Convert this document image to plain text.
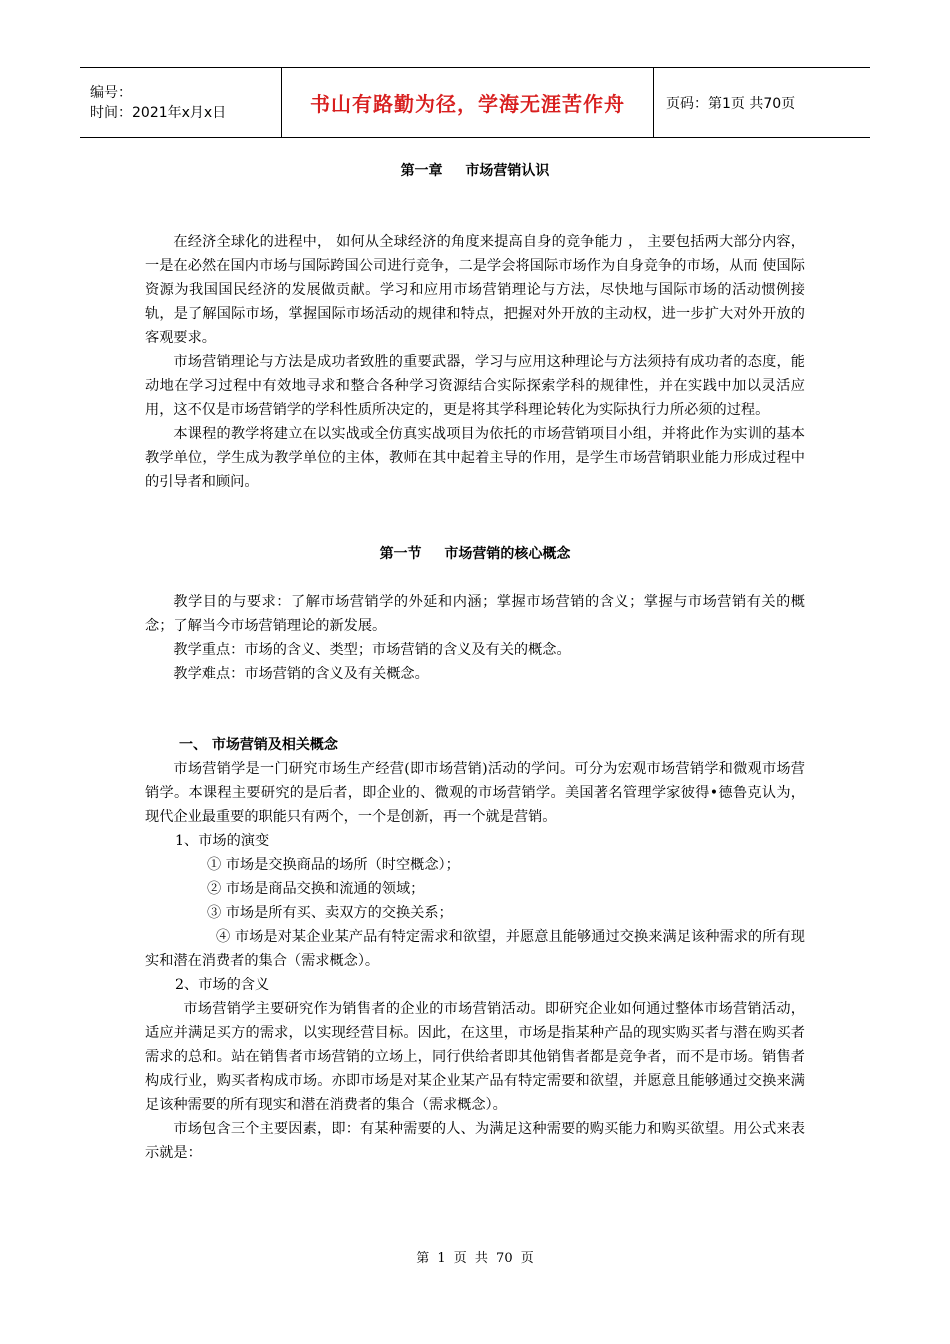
编号：
时间：2021年x月x日	书山有路勤为径，学海无涯苦作舟	页码：第1页 共70页
第一章 市场营销认识

在经济全球化的进程中， 如何从全球经济的角度来提高自身的竞争能力 ， 主要包括两大部分内容，一是在必然在国内市场与国际跨国公司进行竞争，二是学会将国际市场作为自身竞争的市场，从而 使国际资源为我国国民经济的发展做贡献。学习和应用市场营销理论与方法，尽快地与国际市场的活动惯例接轨，是了解国际市场，掌握国际市场活动的规律和特点，把握对外开放的主动权，进一步扩大对外开放的客观要求。

市场营销理论与方法是成功者致胜的重要武器，学习与应用这种理论与方法须持有成功者的态度，能动地在学习过程中有效地寻求和整合各种学习资源结合实际探索学科的规律性，并在实践中加以灵活应用，这不仅是市场营销学的学科性质所决定的，更是将其学科理论转化为实际执行力所必须的过程。

本课程的教学将建立在以实战或全仿真实战项目为依托的市场营销项目小组，并将此作为实训的基本教学单位，学生成为教学单位的主体，教师在其中起着主导的作用，是学生市场营销职业能力形成过程中的引导者和顾问。

第一节 市场营销的核心概念

教学目的与要求：了解市场营销学的外延和内涵；掌握市场营销的含义；掌握与市场营销有关的概念；了解当今市场营销理论的新发展。

教学重点：市场的含义、类型；市场营销的含义及有关的概念。

教学难点：市场营销的含义及有关概念。

一、 市场营销及相关概念

市场营销学是一门研究市场生产经营(即市场营销)活动的学问。可分为宏观市场营销学和微观市场营销学。本课程主要研究的是后者，即企业的、微观的市场营销学。美国著名管理学家彼得•德鲁克认为，现代企业最重要的职能只有两个，一个是创新，再一个就是营销。

1、市场的演变

① 市场是交换商品的场所（时空概念）；

② 市场是商品交换和流通的领域；

③ 市场是所有买、卖双方的交换关系；

④ 市场是对某企业某产品有特定需求和欲望，并愿意且能够通过交换来满足该种需求的所有现实和潜在消费者的集合（需求概念）。

2、市场的含义

市场营销学主要研究作为销售者的企业的市场营销活动。即研究企业如何通过整体市场营销活动，适应并满足买方的需求，以实现经营目标。因此，在这里，市场是指某种产品的现实购买者与潜在购买者需求的总和。站在销售者市场营销的立场上，同行供给者即其他销售者都是竞争者，而不是市场。销售者构成行业，购买者构成市场。亦即市场是对某企业某产品有特定需要和欲望，并愿意且能够通过交换来满足该种需要的所有现实和潜在消费者的集合（需求概念）。

市场包含三个主要因素，即：有某种需要的人、为满足这种需要的购买能力和购买欲望。用公式来表示就是：

第 1 页 共 70 页
